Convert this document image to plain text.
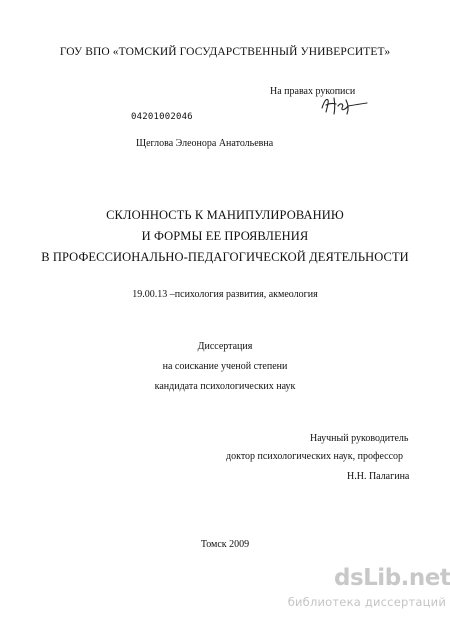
ГОУ ВПО «ТОМСКИЙ ГОСУДАРСТВЕННЫЙ УНИВЕРСИТЕТ»
На правах рукописи
04201002046
Щеглова Элеонора Анатольевна
СКЛОННОСТЬ К МАНИПУЛИРОВАНИЮ
И ФОРМЫ ЕЕ ПРОЯВЛЕНИЯ
В ПРОФЕССИОНАЛЬНО-ПЕДАГОГИЧЕСКОЙ ДЕЯТЕЛЬНОСТИ
19.00.13 –психология развития, акмеология
Диссертация
на соискание ученой степени
кандидата психологических наук
Научный руководитель
доктор психологических наук, профессор
Н.Н. Палагина
Томск 2009
dsLib.net
библиотека диссертаций
